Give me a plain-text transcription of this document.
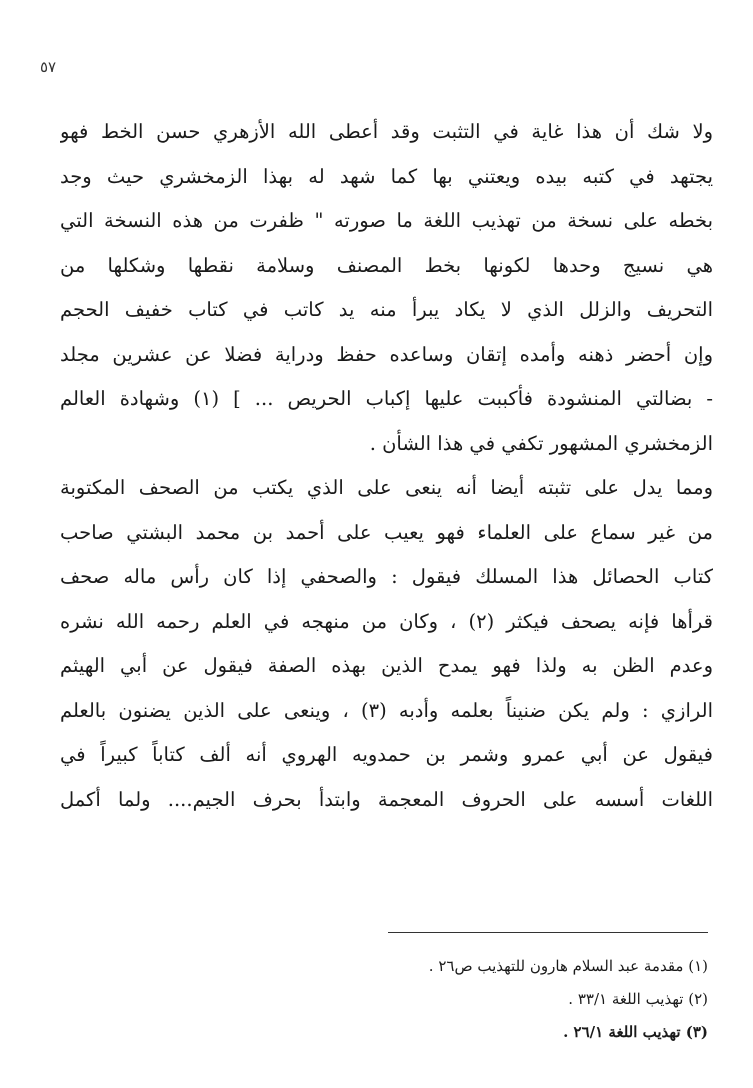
٥٧
ولا شك أن هذا غاية في التثبت وقد أعطى الله الأزهري حسن الخط فهو
يجتهد في كتبه بيده ويعتني بها كما شهد له بهذا الزمخشري حيث وجد
بخطه على نسخة من تهذيب اللغة ما صورته " ظفرت من هذه النسخة التي
هي نسيج وحدها لكونها بخط المصنف وسلامة نقطها وشكلها من
التحريف والزلل الذي لا يكاد يبرأ منه يد كاتب في كتاب خفيف الحجم
وإن أحضر ذهنه وأمده إتقان وساعده حفظ ودراية فضلا عن عشرين مجلد
- بضالتي المنشودة فأكببت عليها إكباب الحريص ... ] (١) وشهادة العالم
الزمخشري المشهور تكفي في هذا الشأن .
ومما يدل على تثبته أيضا أنه ينعى على الذي يكتب من الصحف المكتوبة
من غير سماع على العلماء فهو يعيب على أحمد بن محمد البشتي صاحب
كتاب الحصائل هذا المسلك فيقول : والصحفي إذا كان رأس ماله صحف
قرأها فإنه يصحف فيكثر (٢) ، وكان من منهجه في العلم رحمه الله نشره
وعدم الظن به ولذا فهو يمدح الذين بهذه الصفة فيقول عن أبي الهيثم
الرازي : ولم يكن ضنيناً بعلمه وأدبه (٣) ، وينعى على الذين يضنون بالعلم
فيقول عن أبي عمرو وشمر بن حمدويه الهروي أنه ألف كتاباً كبيراً في
اللغات أسسه على الحروف المعجمة وابتدأ بحرف الجيم.... ولما أكمل
(١) مقدمة عبد السلام هارون للتهذيب ص٢٦ .
(٢) تهذيب اللغة ٣٣/١ .
(٣) تهذيب اللغة ٢٦/١ .
